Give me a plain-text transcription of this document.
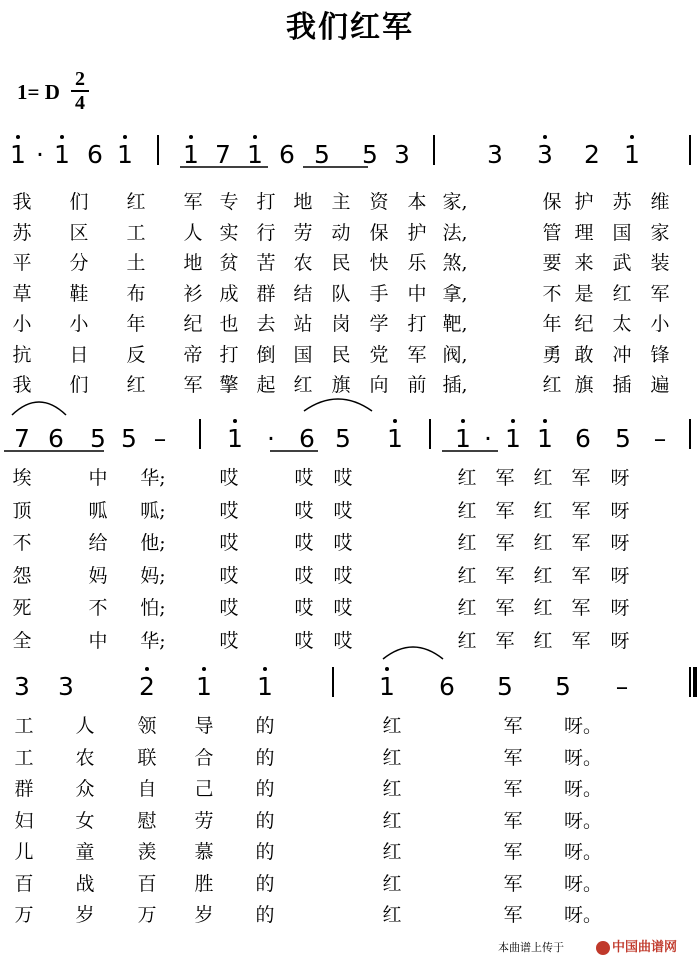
我们红军
1= D
2
4
1 · 1 6 1 1 7 1 6 5 5 3	3 3 2 1
7 6 5 5 – 1 · 6 5 1 1 · 1 1 6 5 –
3 3	2 1 1	1 6 5 5 –
我 们 红 军 专 打 地 主 资 本 家,	保 护 苏 维
苏 区 工 人 实 行 劳 动 保 护 法,	管 理 国 家
平 分 土 地 贫 苦 农 民 快 乐 煞,	要 来 武 装
草 鞋 布 衫 成 群 结 队 手 中 拿,	不 是 红 军
小 小 年 纪 也 去 站 岗 学 打 靶,	年 纪 太 小
抗 日 反 帝 打 倒 国 民 党 军 阀,	勇 敢 冲 锋
我 们 红 军 擎 起 红 旗 向 前 插,	红 旗 插 遍
埃	中 华;	哎	哎 哎	红 军 红 军 呀
顶	呱 呱;	哎	哎 哎	红 军 红 军 呀
不	给 他;	哎	哎 哎	红 军 红 军 呀
怨	妈 妈;	哎	哎 哎	红 军 红 军 呀
死	不 怕;	哎	哎 哎	红 军 红 军 呀
全	中 华;	哎	哎 哎	红 军 红 军 呀
工 人 领 导 的	红	军 呀。
工 农 联 合 的	红	军 呀。
群 众 自 己 的	红	军 呀。
妇 女 慰 劳 的	红	军 呀。
儿 童 羡 慕 的	红	军 呀。
百 战 百 胜 的	红	军 呀。
万 岁 万 岁 的	红	军 呀。
本曲谱上传于	中国曲谱网
